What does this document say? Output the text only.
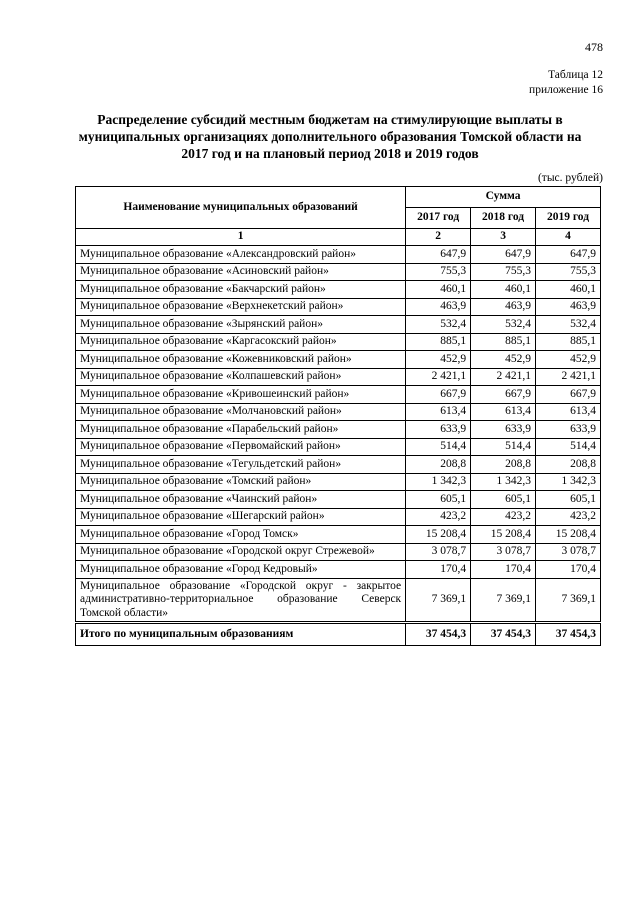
478
Таблица 12
приложение 16
Распределение субсидий местным бюджетам на стимулирующие выплаты в
муниципальных организациях дополнительного образования Томской области на
2017 год и на плановый период 2018 и 2019 годов
(тыс. рублей)
Наименование муниципальных образований	Сумма		
	2017 год	2018 год	2019 год
1	2	3	4
Муниципальное образование «Александровский район»	647,9	647,9	647,9
Муниципальное образование «Асиновский район»	755,3	755,3	755,3
Муниципальное образование «Бакчарский район»	460,1	460,1	460,1
Муниципальное образование «Верхнекетский район»	463,9	463,9	463,9
Муниципальное образование «Зырянский район»	532,4	532,4	532,4
Муниципальное образование «Каргасокский район»	885,1	885,1	885,1
Муниципальное образование «Кожевниковский район»	452,9	452,9	452,9
Муниципальное образование «Колпашевский район»	2 421,1	2 421,1	2 421,1
Муниципальное образование «Кривошеинский район»	667,9	667,9	667,9
Муниципальное образование «Молчановский район»	613,4	613,4	613,4
Муниципальное образование «Парабельский район»	633,9	633,9	633,9
Муниципальное образование «Первомайский район»	514,4	514,4	514,4
Муниципальное образование «Тегульдетский район»	208,8	208,8	208,8
Муниципальное образование «Томский район»	1 342,3	1 342,3	1 342,3
Муниципальное образование «Чаинский район»	605,1	605,1	605,1
Муниципальное образование «Шегарский район»	423,2	423,2	423,2
Муниципальное образование «Город Томск»	15 208,4	15 208,4	15 208,4
Муниципальное образование «Городской округ Стрежевой»	3 078,7	3 078,7	3 078,7
Муниципальное образование «Город Кедровый»	170,4	170,4	170,4
Муниципальное образование «Городской округ - закрытое административно-территориальное образование Северск Томской области»	7 369,1	7 369,1	7 369,1
Итого по муниципальным образованиям	37 454,3	37 454,3	37 454,3
